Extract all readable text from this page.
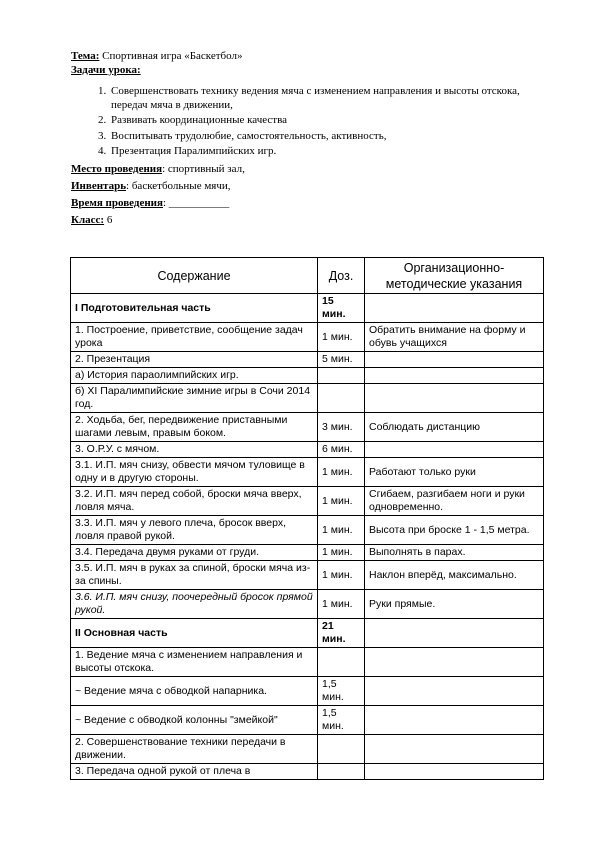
Тема: Спортивная игра «Баскетбол»
Задачи урока:
1. Совершенствовать технику ведения мяча с изменением направления и высоты отскока, передач мяча в движении,
2. Развивать координационные качества
3. Воспитывать трудолюбие, самостоятельность, активность,
4. Презентация Паралимпийских игр.
Место проведения: спортивный зал,
Инвентарь: баскетбольные мячи,
Время проведения: ___________
Класс: 6
Содержание	Доз.	Организационно-методические указания
I Подготовительная часть	15 мин.	
1. Построение, приветствие, сообщение задач урока	1 мин.	Обратить внимание на форму и обувь учащихся
2. Презентация	5 мин.	
а) История параолимпийских игр.		
б) XI Паралимпийские зимние игры в Сочи 2014 год.		
2. Ходьба, бег, передвижение приставными шагами левым, правым боком.	3 мин.	Соблюдать дистанцию
3. О.Р.У. с мячом.	6 мин.	
3.1. И.П. мяч снизу, обвести мячом туловище в одну и в другую стороны.	1 мин.	Работают только руки
3.2. И.П. мяч перед собой, броски мяча вверх, ловля мяча.	1 мин.	Сгибаем, разгибаем ноги и руки одновременно.
3.3. И.П. мяч у левого плеча, бросок вверх, ловля правой рукой.	1 мин.	Высота при броске 1 - 1,5 метра.
3.4. Передача двумя руками от груди.	1 мин.	Выполнять в парах.
3.5. И.П. мяч в руках за спиной, броски мяча из-за спины.	1 мин.	Наклон вперёд, максимально.
3.6. И.П. мяч снизу, поочередный бросок прямой рукой.	1 мин.	Руки прямые.
II Основная часть	21 мин.	
1. Ведение мяча с изменением направления и высоты отскока.		
~ Ведение мяча с обводкой напарника.	1,5 мин.	
~ Ведение с обводкой колонны "змейкой"	1,5 мин.	
2. Совершенствование техники передачи в движении.		
3. Передача одной рукой от плеча в		
